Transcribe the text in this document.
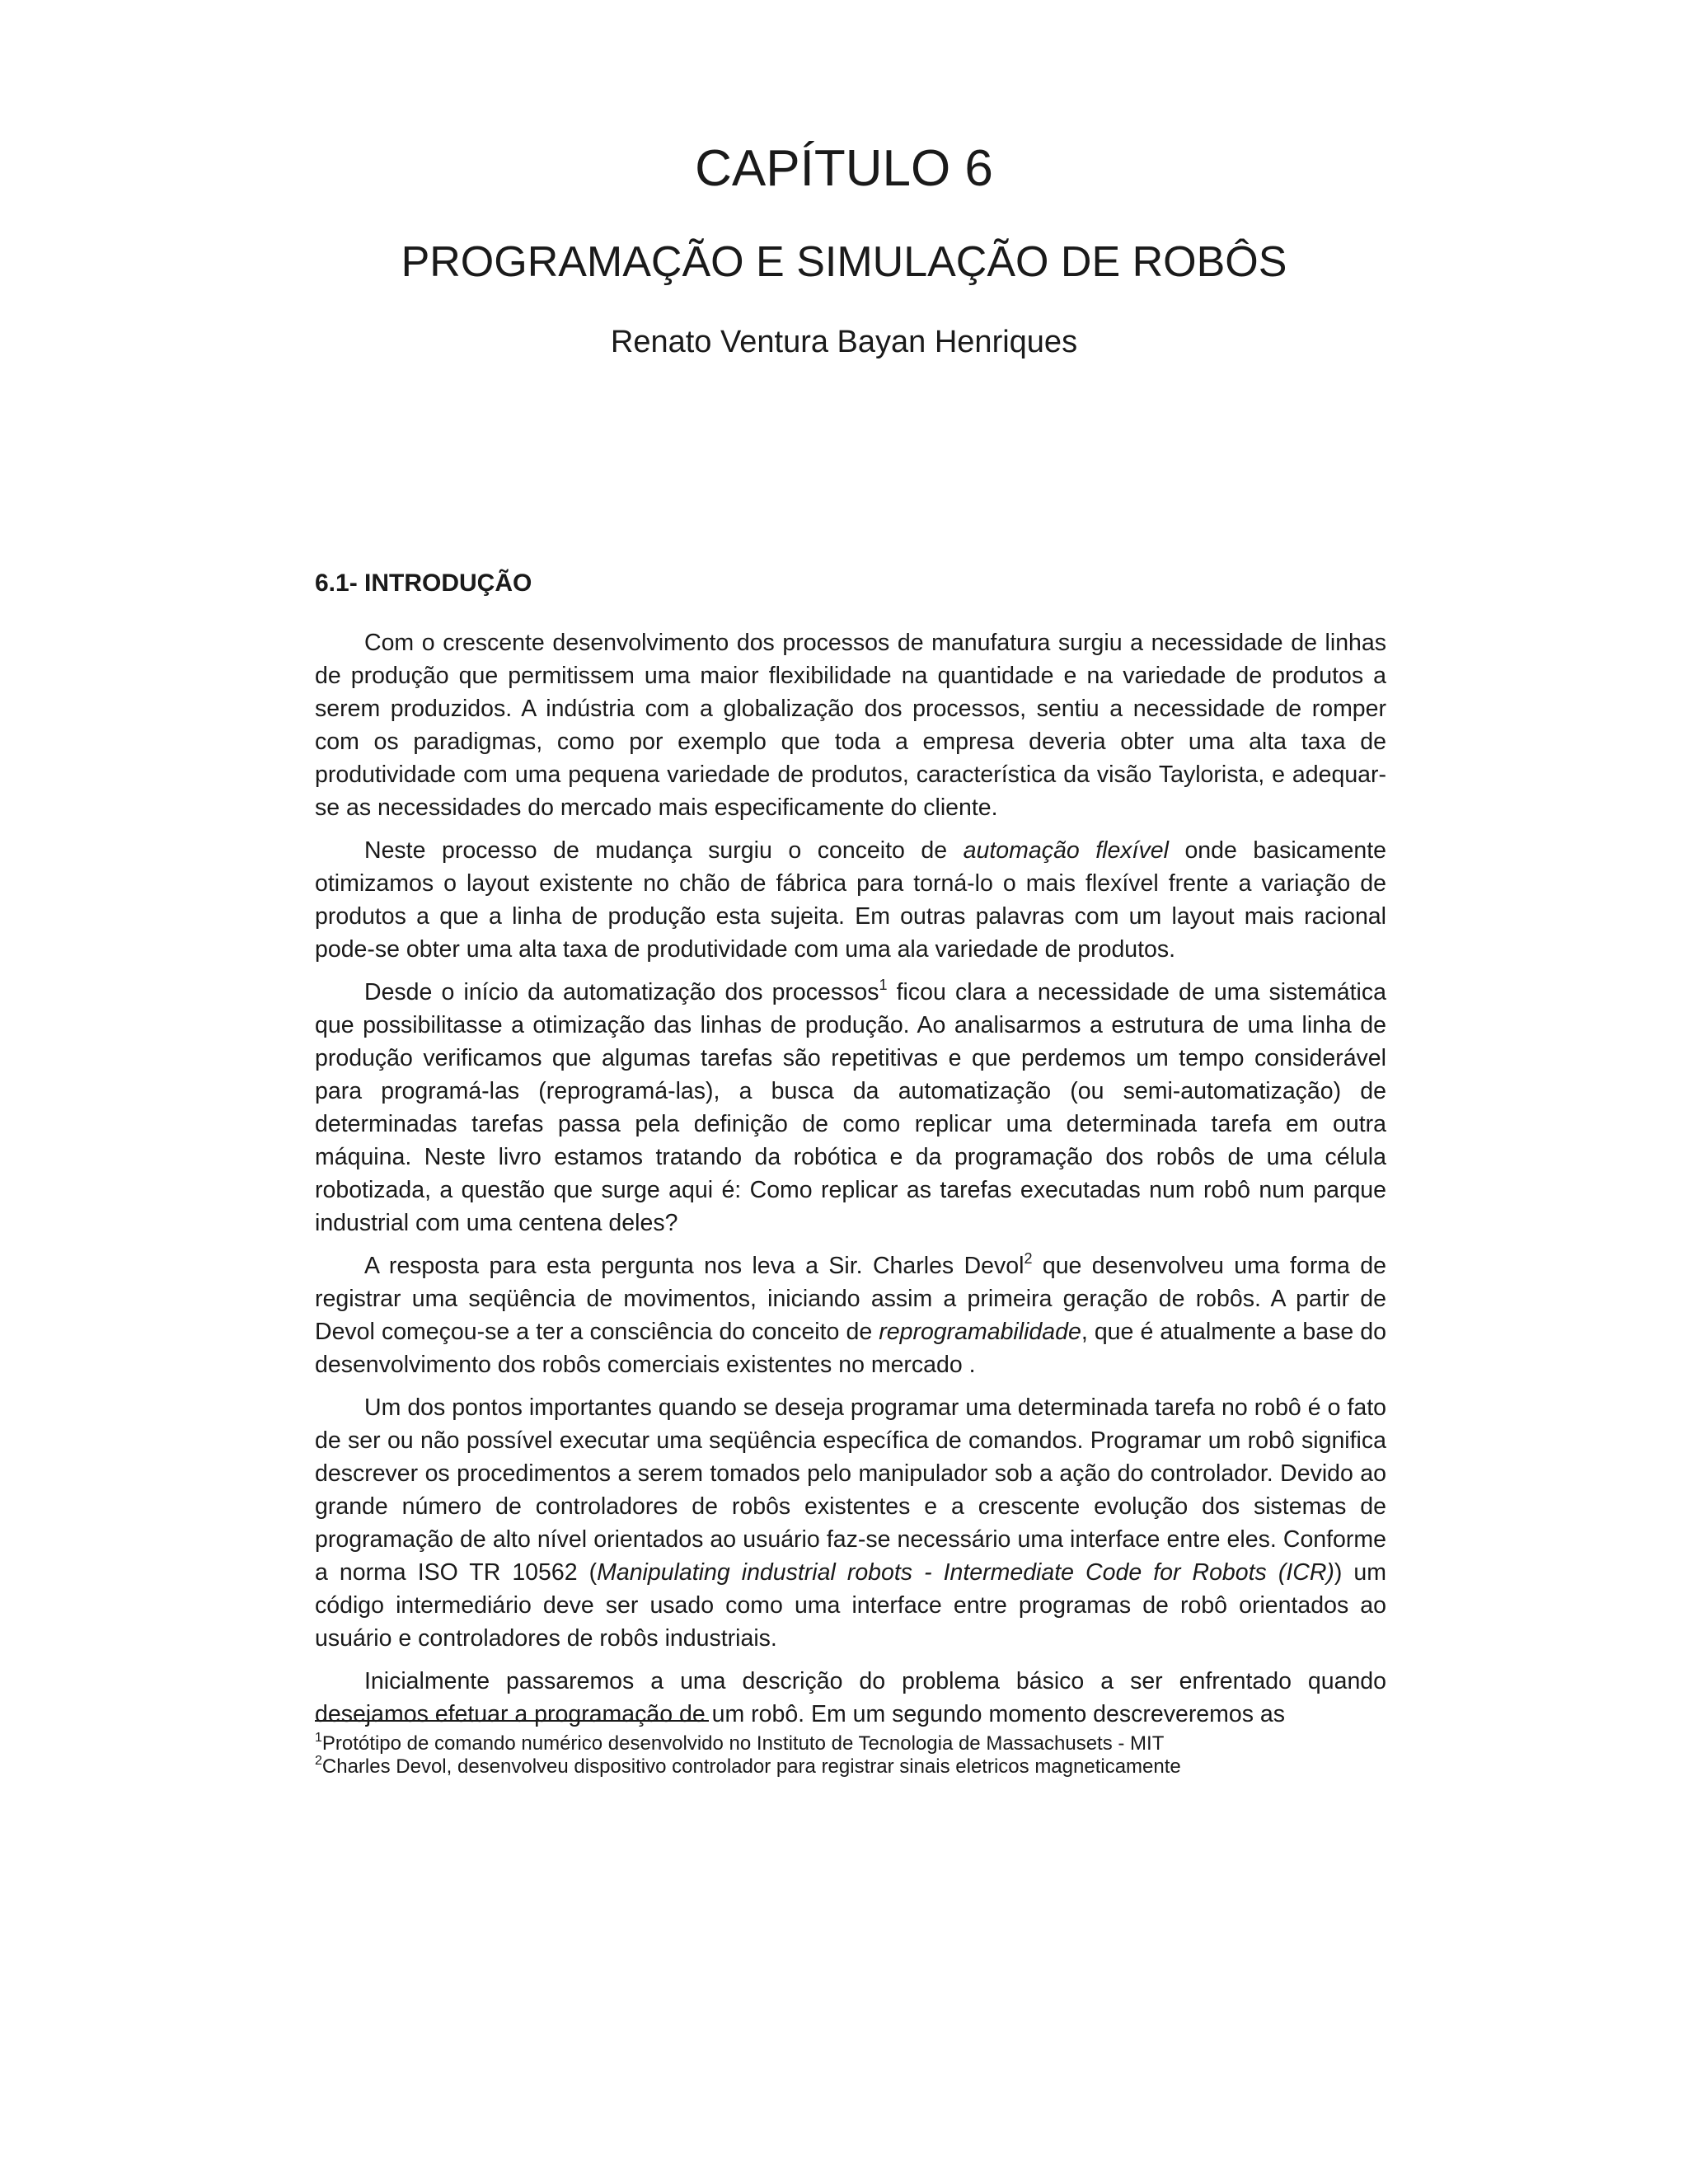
CAPÍTULO 6
PROGRAMAÇÃO E SIMULAÇÃO DE ROBÔS

Renato Ventura Bayan Henriques

6.1- INTRODUÇÃO

Com o crescente desenvolvimento dos processos de manufatura surgiu a necessidade de linhas de produção que permitissem uma maior flexibilidade na quantidade e na variedade de produtos a serem produzidos. A indústria com a globalização dos processos, sentiu a necessidade de romper com os paradigmas, como por exemplo que toda a empresa deveria obter uma alta taxa de produtividade com uma pequena variedade de produtos, característica da visão Taylorista, e adequar-se as necessidades do mercado mais especificamente do cliente.

Neste processo de mudança surgiu o conceito de automação flexível onde basicamente otimizamos o layout existente no chão de fábrica para torná-lo o mais flexível frente a variação de produtos a que a linha de produção esta sujeita. Em outras palavras com um layout mais racional pode-se obter uma alta taxa de produtividade com uma ala variedade de produtos.

Desde o início da automatização dos processos$^1$ ficou clara a necessidade de uma sistemática que possibilitasse a otimização das linhas de produção. Ao analisarmos a estrutura de uma linha de produção verificamos que algumas tarefas são repetitivas e que perdemos um tempo considerável para programá-las (reprogramá-las), a busca da automatização (ou semi-automatização) de determinadas tarefas passa pela definição de como replicar uma determinada tarefa em outra máquina. Neste livro estamos tratando da robótica e da programação dos robôs de uma célula robotizada, a questão que surge aqui é: Como replicar as tarefas executadas num robô num parque industrial com uma centena deles?

A resposta para esta pergunta nos leva a Sir. Charles Devol$^2$ que desenvolveu uma forma de registrar uma seqüência de movimentos, iniciando assim a primeira geração de robôs. A partir de Devol começou-se a ter a consciência do conceito de reprogramabilidade, que é atualmente a base do desenvolvimento dos robôs comerciais existentes no mercado .

Um dos pontos importantes quando se deseja programar uma determinada tarefa no robô é o fato de ser ou não possível executar uma seqüência específica de comandos. Programar um robô significa descrever os procedimentos a serem tomados pelo manipulador sob a ação do controlador. Devido ao grande número de controladores de robôs existentes e a crescente evolução dos sistemas de programação de alto nível orientados ao usuário faz-se necessário uma interface entre eles. Conforme a norma ISO TR 10562 (Manipulating industrial robots - Intermediate Code for Robots (ICR)) um código intermediário deve ser usado como uma interface entre programas de robô orientados ao usuário e controladores de robôs industriais.

Inicialmente passaremos a uma descrição do problema básico a ser enfrentado quando desejamos efetuar a programação de um robô. Em um segundo momento descreveremos as

$^1$Protótipo de comando numérico desenvolvido no Instituto de Tecnologia de Massachusets - MIT

$^2$Charles Devol, desenvolveu dispositivo controlador para registrar sinais eletricos magneticamente
